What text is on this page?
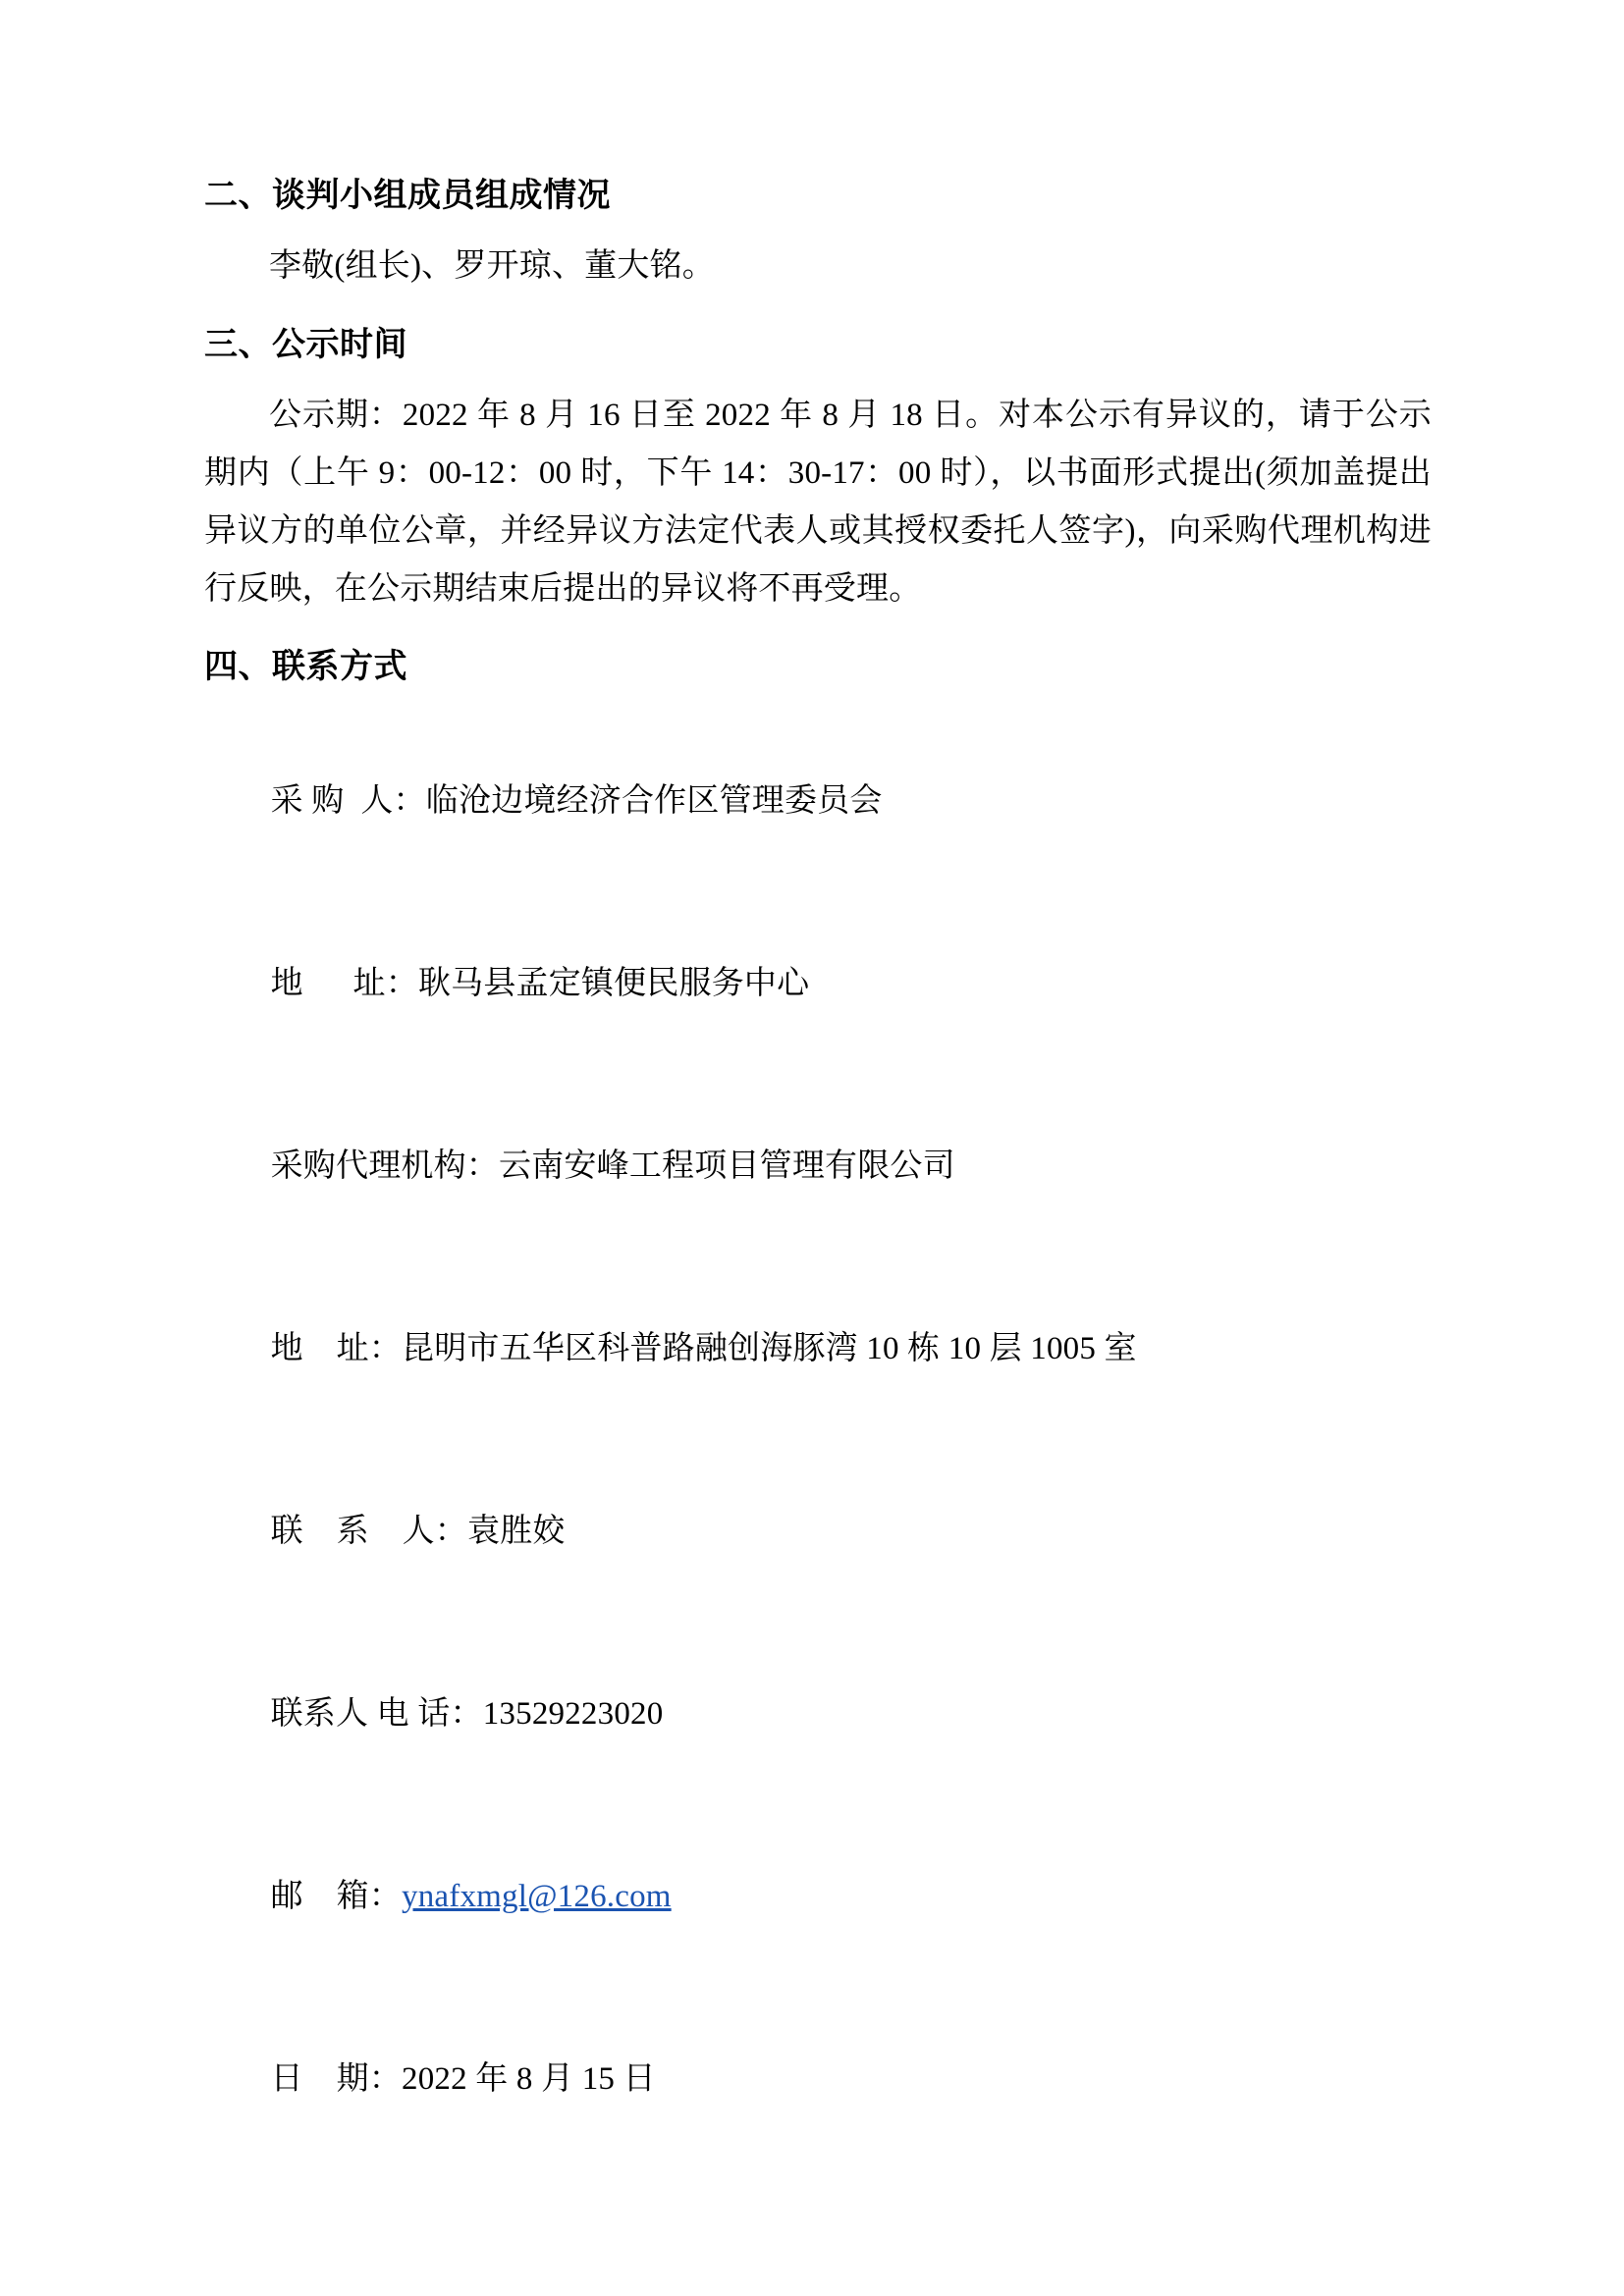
二、谈判小组成员组成情况

李敬(组长)、罗开琼、董大铭。

三、公示时间

公示期：2022 年 8 月 16 日至 2022 年 8 月 18 日。对本公示有异议的，请于公示期内（上午 9：00-12：00 时，下午 14：30-17：00 时），以书面形式提出(须加盖提出异议方的单位公章，并经异议方法定代表人或其授权委托人签字)，向采购代理机构进行反映，在公示期结束后提出的异议将不再受理。

四、联系方式

采 购  人：临沧边境经济合作区管理委员会

地      址：耿马县孟定镇便民服务中心

采购代理机构：云南安峰工程项目管理有限公司

地    址：昆明市五华区科普路融创海豚湾 10 栋 10 层 1005 室

联    系    人：袁胜姣

联系人 电 话：13529223020

邮    箱：ynafxmgl@126.com

日    期：2022 年 8 月 15 日
